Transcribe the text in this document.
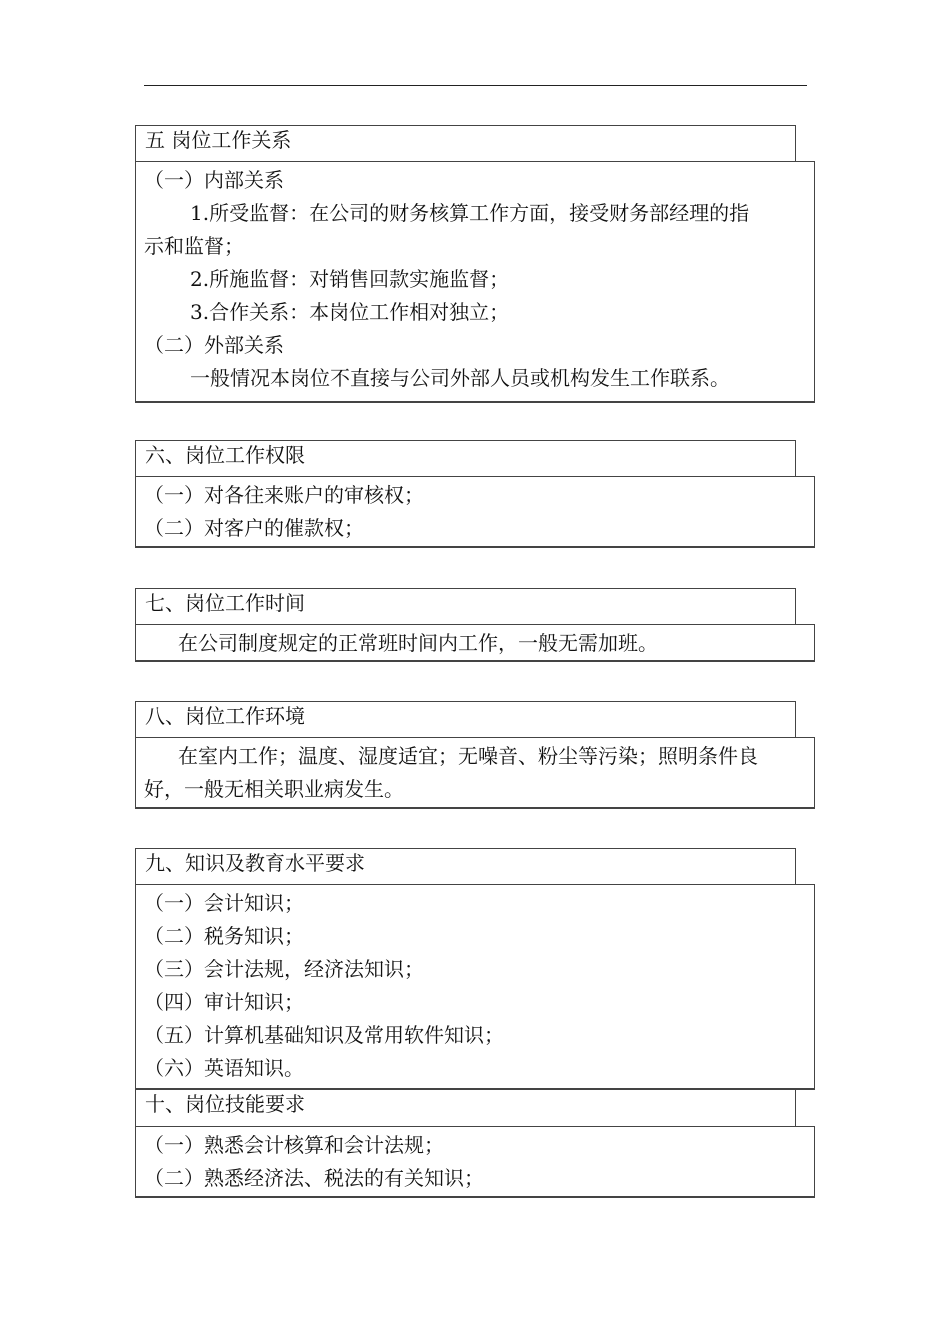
五 岗位工作关系
（一）内部关系
1.所受监督：在公司的财务核算工作方面，接受财务部经理的指
示和监督；
2.所施监督：对销售回款实施监督；
3.合作关系：本岗位工作相对独立；
（二）外部关系
一般情况本岗位不直接与公司外部人员或机构发生工作联系。
六、岗位工作权限
（一）对各往来账户的审核权；
（二）对客户的催款权；
七、岗位工作时间
在公司制度规定的正常班时间内工作，一般无需加班。
八、岗位工作环境
在室内工作；温度、湿度适宜；无噪音、粉尘等污染；照明条件良
好，一般无相关职业病发生。
九、知识及教育水平要求
（一）会计知识；
（二）税务知识；
（三）会计法规，经济法知识；
（四）审计知识；
（五）计算机基础知识及常用软件知识；
（六）英语知识。
十、岗位技能要求
（一）熟悉会计核算和会计法规；
（二）熟悉经济法、税法的有关知识；
